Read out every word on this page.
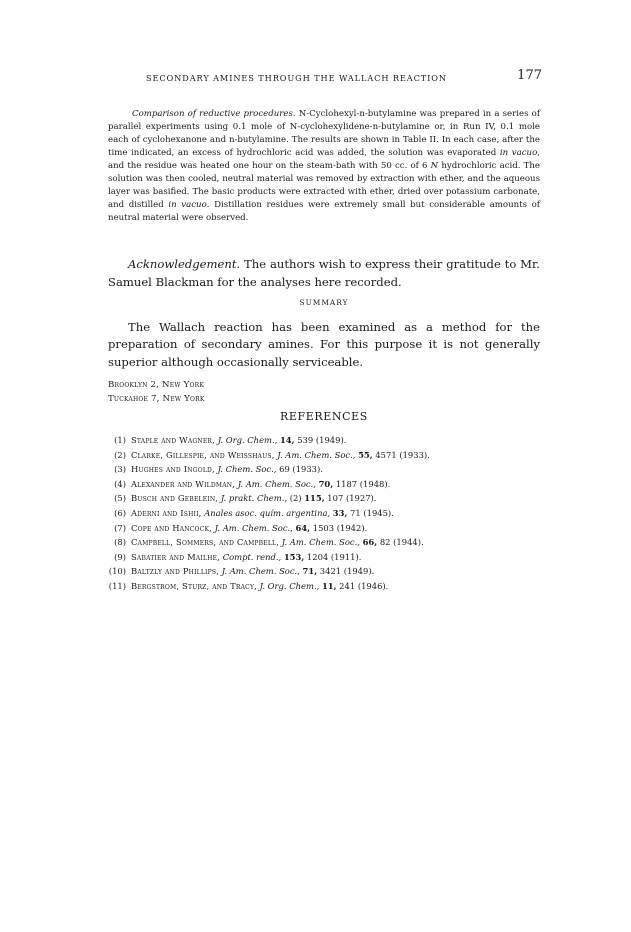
SECONDARY AMINES THROUGH THE WALLACH REACTION	177

Comparison of reductive procedures. N-Cyclohexyl-n-butylamine was prepared in a series of parallel experiments using 0.1 mole of N-cyclohexylidene-n-butylamine or, in Run IV, 0.1 mole each of cyclohexanone and n-butylamine. The results are shown in Table II. In each case, after the time indicated, an excess of hydrochloric acid was added, the solution was evaporated in vacuo, and the residue was heated one hour on the steam-bath with 50 cc. of 6 N hydrochloric acid. The solution was then cooled, neutral material was removed by extraction with ether, and the aqueous layer was basified. The basic products were extracted with ether, dried over potassium carbonate, and distilled in vacuo. Distillation residues were extremely small but considerable amounts of neutral material were observed.

Acknowledgement. The authors wish to express their gratitude to Mr. Samuel Blackman for the analyses here recorded.

SUMMARY

The Wallach reaction has been examined as a method for the preparation of secondary amines. For this purpose it is not generally superior although occasionally serviceable.

Brooklyn 2, New York
Tuckahoe 7, New York
REFERENCES
(1) Staple and Wagner, J. Org. Chem., 14, 539 (1949).
(2) Clarke, Gillespie, and Weisshaus, J. Am. Chem. Soc., 55, 4571 (1933).
(3) Hughes and Ingold, J. Chem. Soc., 69 (1933).
(4) Alexander and Wildman, J. Am. Chem. Soc., 70, 1187 (1948).
(5) Busch and Gebelein, J. prakt. Chem., (2) 115, 107 (1927).
(6) Aderni and Ishii, Anales asoc. quím. argentina, 33, 71 (1945).
(7) Cope and Hancock, J. Am. Chem. Soc., 64, 1503 (1942).
(8) Campbell, Sommers, and Campbell, J. Am. Chem. Soc., 66, 82 (1944).
(9) Sabatier and Mailhe, Compt. rend., 153, 1204 (1911).
(10) Baltzly and Phillips, J. Am. Chem. Soc., 71, 3421 (1949).
(11) Bergstrom, Sturz, and Tracy, J. Org. Chem., 11, 241 (1946).
